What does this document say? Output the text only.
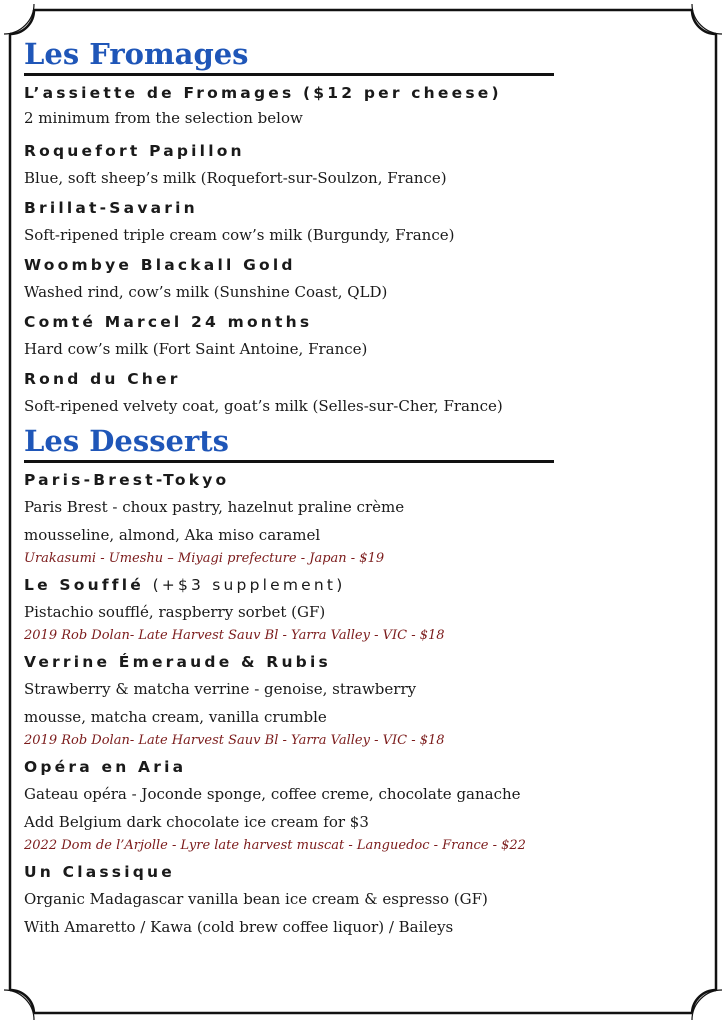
Les Fromages
L’assiette de Fromages ($12 per cheese)
2 minimum from the selection below
Roquefort Papillon
Blue, soft sheep’s milk (Roquefort-sur-Soulzon, France)
Brillat-Savarin
Soft-ripened triple cream cow’s milk (Burgundy, France)
Woombye Blackall Gold
Washed rind, cow’s milk (Sunshine Coast, QLD)
Comté Marcel 24 months
Hard cow’s milk (Fort Saint Antoine, France)
Rond du Cher
Soft-ripened velvety coat, goat’s milk (Selles-sur-Cher, France)
Les Desserts
Paris-Brest-Tokyo
Paris Brest - choux pastry, hazelnut praline crème
mousseline, almond, Aka miso caramel
Urakasumi - Umeshu – Miyagi prefecture - Japan - $19
Le Soufflé (+$3 supplement)
Pistachio soufflé, raspberry sorbet (GF)
2019 Rob Dolan- Late Harvest Sauv Bl - Yarra Valley - VIC - $18
Verrine Émeraude & Rubis
Strawberry & matcha verrine - genoise, strawberry
mousse, matcha cream, vanilla crumble
2019 Rob Dolan- Late Harvest Sauv Bl - Yarra Valley - VIC - $18
Opéra en Aria
Gateau opéra - Joconde sponge, coffee creme, chocolate ganache
Add Belgium dark chocolate ice cream for $3
2022 Dom de l’Arjolle - Lyre late harvest muscat - Languedoc - France - $22
Un Classique
Organic Madagascar vanilla bean ice cream & espresso (GF)
With Amaretto / Kawa (cold brew coffee liquor) / Baileys
